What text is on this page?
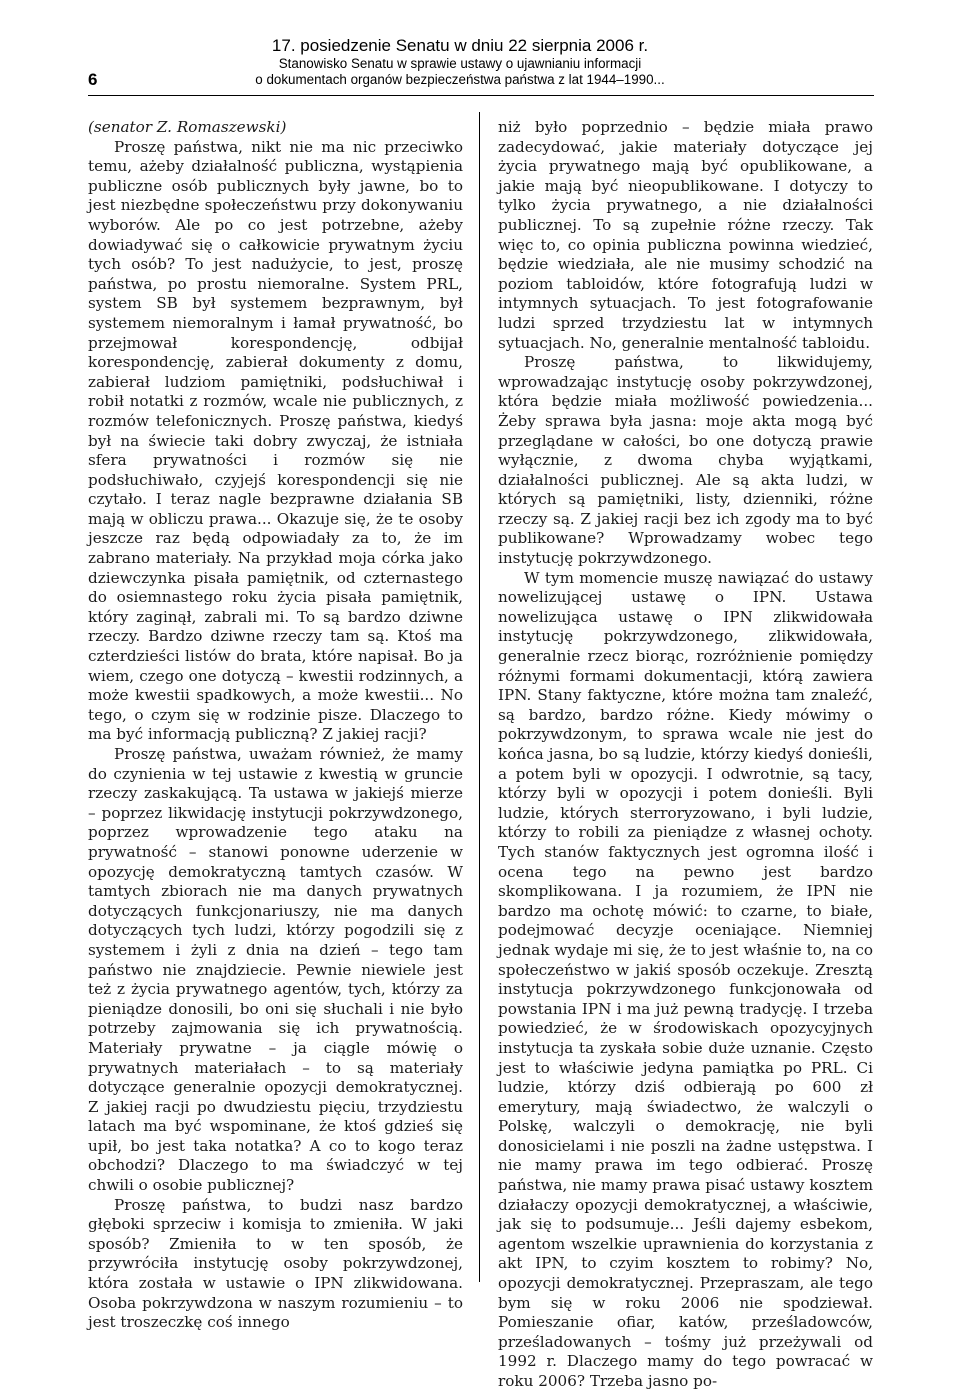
6
17. posiedzenie Senatu w dniu 22 sierpnia 2006 r.
Stanowisko Senatu w sprawie ustawy o ujawnianiu informacji
o dokumentach organów bezpieczeństwa państwa z lat 1944–1990...

(senator Z. Romaszewski)

Proszę państwa, nikt nie ma nic przeciwko temu, ażeby działalność publiczna, wystąpienia publiczne osób publicznych były jawne, bo to jest niezbędne społeczeństwu przy dokonywaniu wyborów. Ale po co jest potrzebne, ażeby dowiadywać się o całkowicie prywatnym życiu tych osób? To jest nadużycie, to jest, proszę państwa, po prostu niemoralne. System PRL, system SB był systemem bezprawnym, był systemem niemoralnym i łamał prywatność, bo przejmował korespondencję, odbijał korespondencję, zabierał dokumenty z domu, zabierał ludziom pamiętniki, podsłuchiwał i robił notatki z rozmów, wcale nie publicznych, z rozmów telefonicznych. Proszę państwa, kiedyś był na świecie taki dobry zwyczaj, że istniała sfera prywatności i rozmów się nie podsłuchiwało, czyjejś korespondencji się nie czytało. I teraz nagle bezprawne działania SB mają w obliczu prawa... Okazuje się, że te osoby jeszcze raz będą odpowiadały za to, że im zabrano materiały. Na przykład moja córka jako dziewczynka pisała pamiętnik, od czternastego do osiemnastego roku życia pisała pamiętnik, który zaginął, zabrali mi. To są bardzo dziwne rzeczy. Bardzo dziwne rzeczy tam są. Ktoś ma czterdzieści listów do brata, które napisał. Bo ja wiem, czego one dotyczą – kwestii rodzinnych, a może kwestii spadkowych, a może kwestii... No tego, o czym się w rodzinie pisze. Dlaczego to ma być informacją publiczną? Z jakiej racji?

Proszę państwa, uważam również, że mamy do czynienia w tej ustawie z kwestią w gruncie rzeczy zaskakującą. Ta ustawa w jakiejś mierze – poprzez likwidację instytucji pokrzywdzonego, poprzez wprowadzenie tego ataku na prywatność – stanowi ponowne uderzenie w opozycję demokratyczną tamtych czasów. W tamtych zbiorach nie ma danych prywatnych dotyczących funkcjonariuszy, nie ma danych dotyczących tych ludzi, którzy pogodzili się z systemem i żyli z dnia na dzień – tego tam państwo nie znajdziecie. Pewnie niewiele jest też z życia prywatnego agentów, tych, którzy za pieniądze donosili, bo oni się słuchali i nie było potrzeby zajmowania się ich prywatnością. Materiały prywatne – ja ciągle mówię o prywatnych materiałach – to są materiały dotyczące generalnie opozycji demokratycznej. Z jakiej racji po dwudziestu pięciu, trzydziestu latach ma być wspominane, że ktoś gdzieś się upił, bo jest taka notatka? A co to kogo teraz obchodzi? Dlaczego to ma świadczyć w tej chwili o osobie publicznej?

Proszę państwa, to budzi nasz bardzo głęboki sprzeciw i komisja to zmieniła. W jaki sposób? Zmieniła to w ten sposób, że przywróciła instytucję osoby pokrzywdzonej, która została w ustawie o IPN zlikwidowana. Osoba pokrzywdzona w naszym rozumieniu – to jest troszeczkę coś innego

niż było poprzednio – będzie miała prawo zadecydować, jakie materiały dotyczące jej życia prywatnego mają być opublikowane, a jakie mają być nieopublikowane. I dotyczy to tylko życia prywatnego, a nie działalności publicznej. To są zupełnie różne rzeczy. Tak więc to, co opinia publiczna powinna wiedzieć, będzie wiedziała, ale nie musimy schodzić na poziom tabloidów, które fotografują ludzi w intymnych sytuacjach. To jest fotografowanie ludzi sprzed trzydziestu lat w intymnych sytuacjach. No, generalnie mentalność tabloidu.

Proszę państwa, to likwidujemy, wprowadzając instytucję osoby pokrzywdzonej, która będzie miała możliwość powiedzenia... Żeby sprawa była jasna: moje akta mogą być przeglądane w całości, bo one dotyczą prawie wyłącznie, z dwoma chyba wyjątkami, działalności publicznej. Ale są akta ludzi, w których są pamiętniki, listy, dzienniki, różne rzeczy są. Z jakiej racji bez ich zgody ma to być publikowane? Wprowadzamy wobec tego instytucję pokrzywdzonego.

W tym momencie muszę nawiązać do ustawy nowelizującej ustawę o IPN. Ustawa nowelizująca ustawę o IPN zlikwidowała instytucję pokrzywdzonego, zlikwidowała, generalnie rzecz biorąc, rozróżnienie pomiędzy różnymi formami dokumentacji, którą zawiera IPN. Stany faktyczne, które można tam znaleźć, są bardzo, bardzo różne. Kiedy mówimy o pokrzywdzonym, to sprawa wcale nie jest do końca jasna, bo są ludzie, którzy kiedyś donieśli, a potem byli w opozycji. I odwrotnie, są tacy, którzy byli w opozycji i potem donieśli. Byli ludzie, których sterroryzowano, i byli ludzie, którzy to robili za pieniądze z własnej ochoty. Tych stanów faktycznych jest ogromna ilość i ocena tego na pewno jest bardzo skomplikowana. I ja rozumiem, że IPN nie bardzo ma ochotę mówić: to czarne, to białe, podejmować decyzje oceniające. Niemniej jednak wydaje mi się, że to jest właśnie to, na co społeczeństwo w jakiś sposób oczekuje. Zresztą instytucja pokrzywdzonego funkcjonowała od powstania IPN i ma już pewną tradycję. I trzeba powiedzieć, że w środowiskach opozycyjnych instytucja ta zyskała sobie duże uznanie. Często jest to właściwie jedyna pamiątka po PRL. Ci ludzie, którzy dziś odbierają po 600 zł emerytury, mają świadectwo, że walczyli o Polskę, walczyli o demokrację, nie byli donosicielami i nie poszli na żadne ustępstwa. I nie mamy prawa im tego odbierać. Proszę państwa, nie mamy prawa pisać ustawy kosztem działaczy opozycji demokratycznej, a właściwie, jak się to podsumuje... Jeśli dajemy esbekom, agentom wszelkie uprawnienia do korzystania z akt IPN, to czyim kosztem to robimy? No, opozycji demokratycznej. Przepraszam, ale tego bym się w roku 2006 nie spodziewał. Pomieszanie ofiar, katów, prześladowców, prześladowanych – tośmy już przeżywali od 1992 r. Dlaczego mamy do tego powracać w roku 2006? Trzeba jasno po-
